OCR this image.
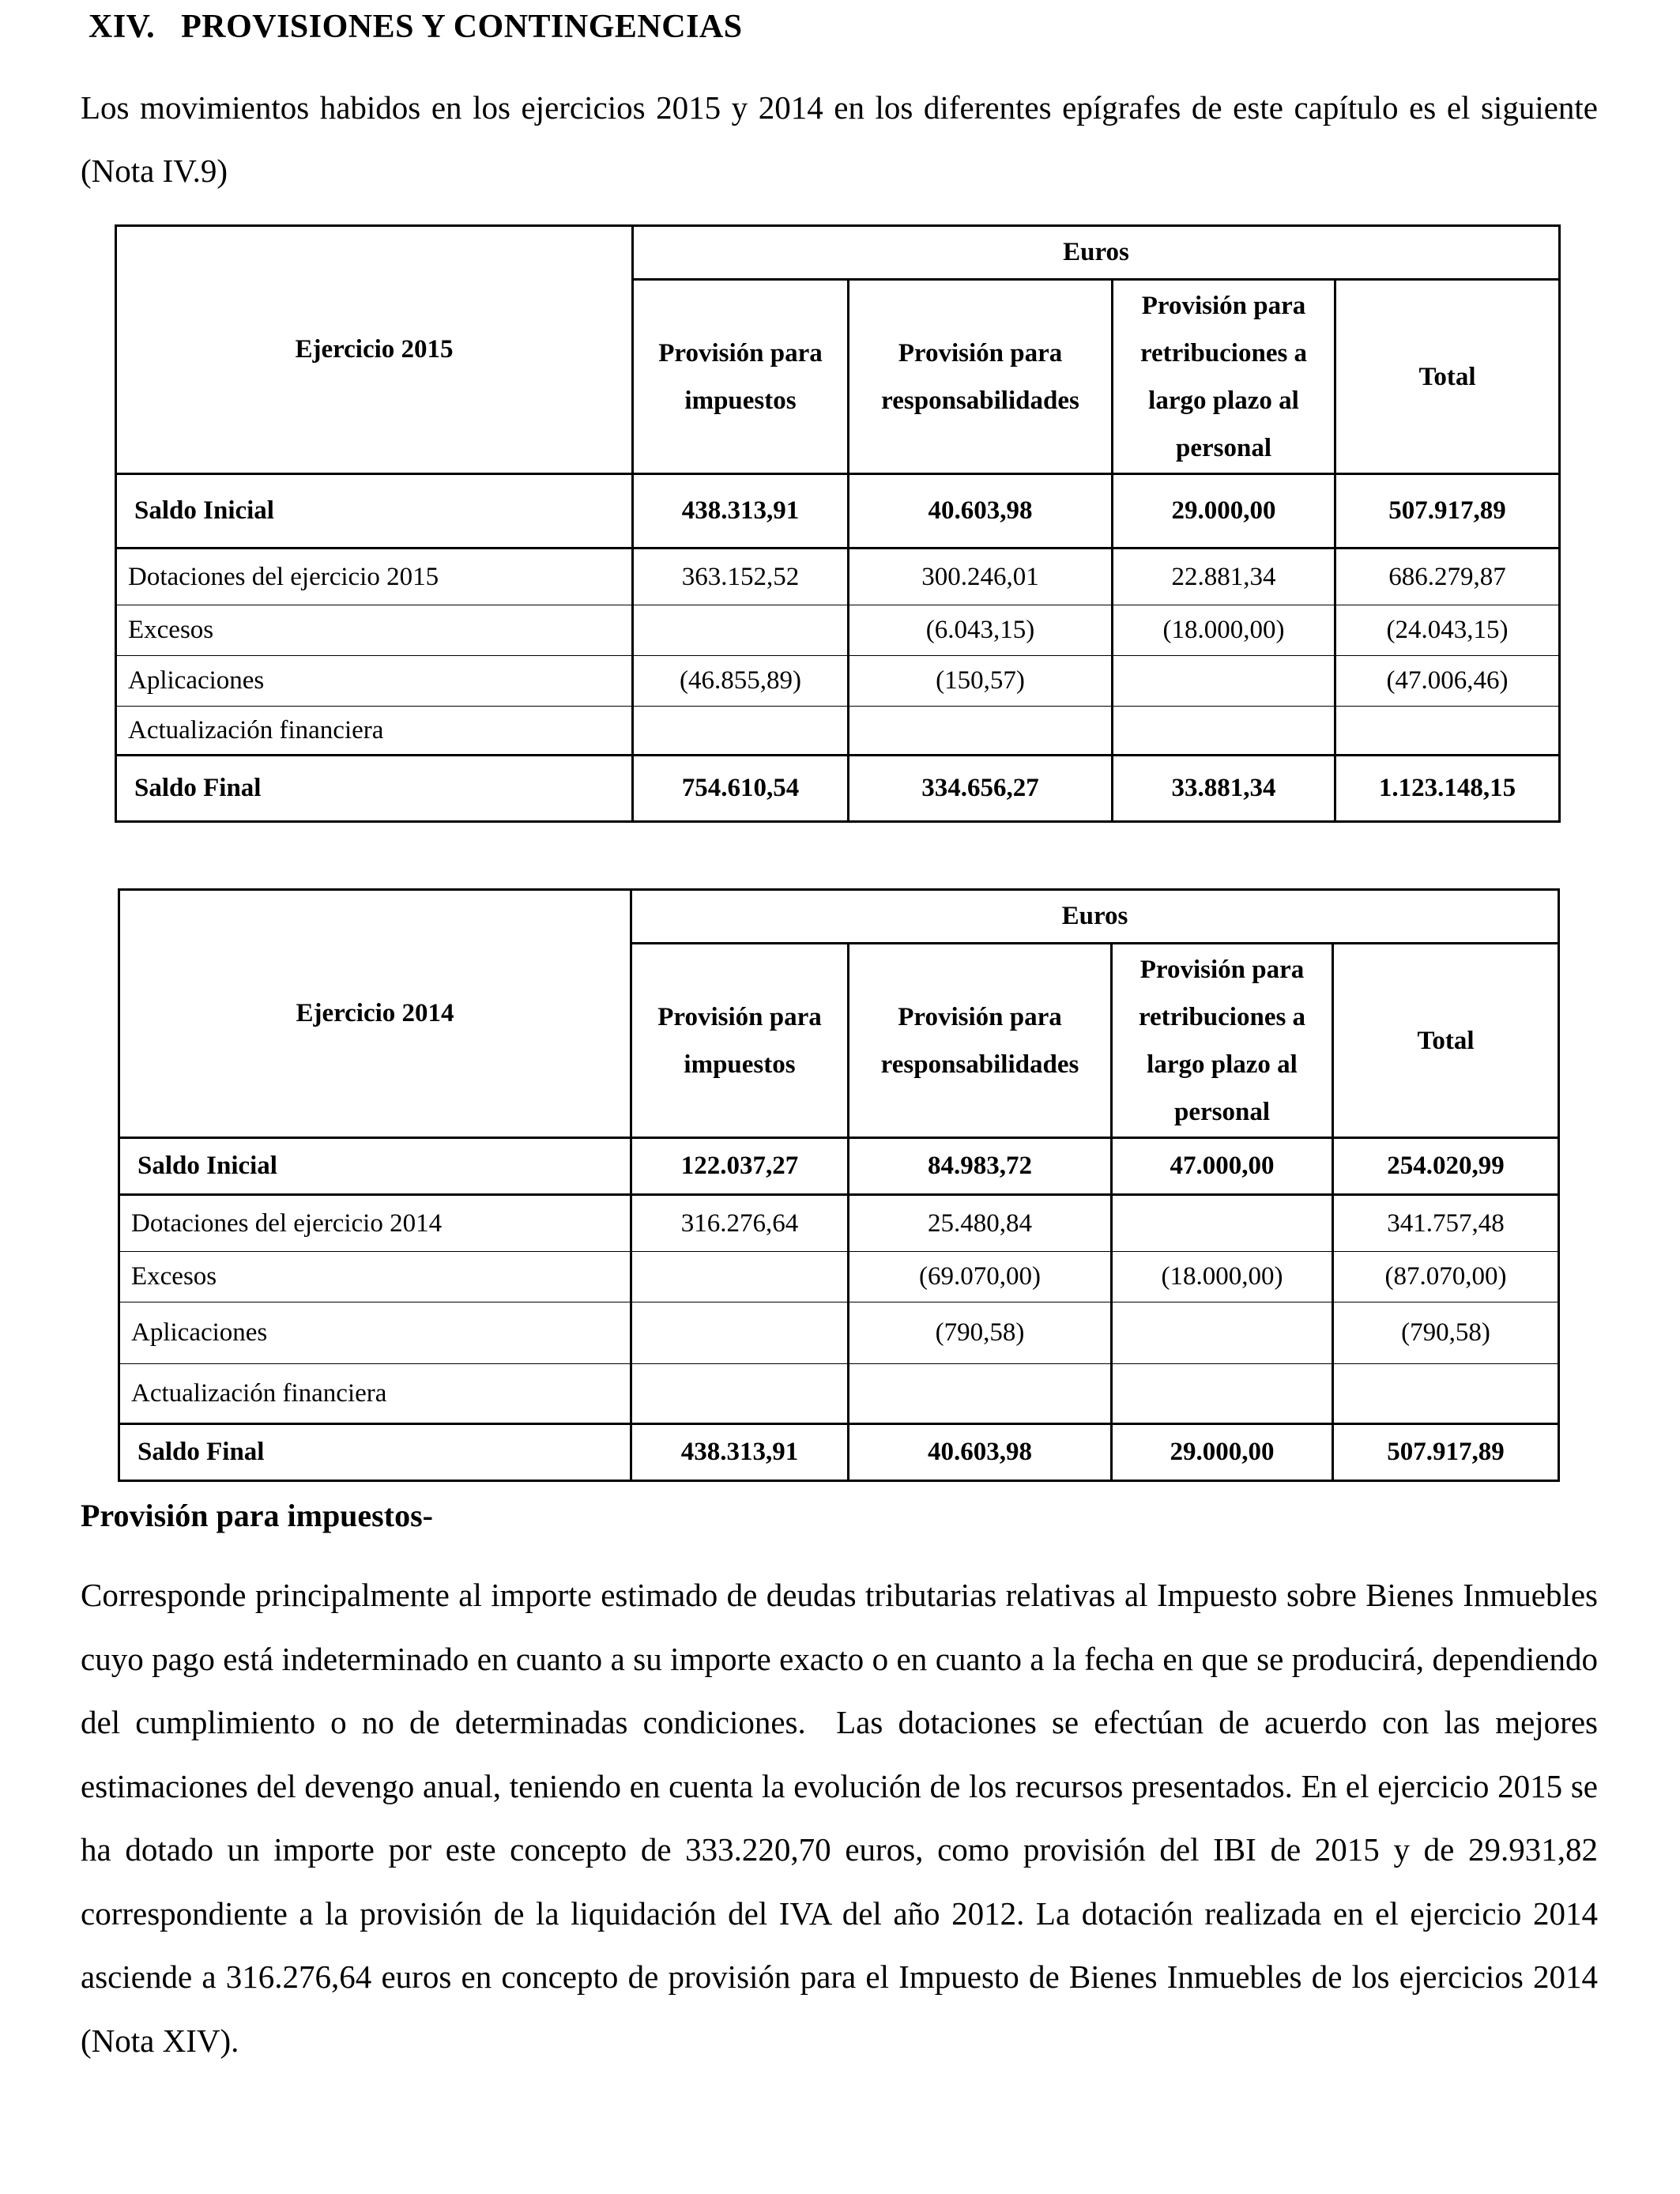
XIV.   PROVISIONES Y CONTINGENCIAS
Los movimientos habidos en los ejercicios 2015 y 2014 en los diferentes epígrafes de este capítulo es el siguiente (Nota IV.9)
Ejercicio 2015	Euros			
	Provisión para impuestos	Provisión para responsabilidades	Provisión para retribuciones a largo plazo al personal	Total
Saldo Inicial	438.313,91	40.603,98	29.000,00	507.917,89
Dotaciones del ejercicio 2015	363.152,52	300.246,01	22.881,34	686.279,87
Excesos		(6.043,15)	(18.000,00)	(24.043,15)
Aplicaciones	(46.855,89)	(150,57)		(47.006,46)
Actualización financiera				
Saldo Final	754.610,54	334.656,27	33.881,34	1.123.148,15
Ejercicio 2014	Euros			
	Provisión para impuestos	Provisión para responsabilidades	Provisión para retribuciones a largo plazo al personal	Total
Saldo Inicial	122.037,27	84.983,72	47.000,00	254.020,99
Dotaciones del ejercicio 2014	316.276,64	25.480,84		341.757,48
Excesos		(69.070,00)	(18.000,00)	(87.070,00)
Aplicaciones		(790,58)		(790,58)
Actualización financiera				
Saldo Final	438.313,91	40.603,98	29.000,00	507.917,89
Provisión para impuestos-
Corresponde principalmente al importe estimado de deudas tributarias relativas al Impuesto sobre Bienes Inmuebles cuyo pago está indeterminado en cuanto a su importe exacto o en cuanto a la fecha en que se producirá, dependiendo del cumplimiento o no de determinadas condiciones.  Las dotaciones se efectúan de acuerdo con las mejores estimaciones del devengo anual, teniendo en cuenta la evolución de los recursos presentados. En el ejercicio 2015 se ha dotado un importe por este concepto de 333.220,70 euros, como provisión del IBI de 2015 y de 29.931,82 correspondiente a la provisión de la liquidación del IVA del año 2012. La dotación realizada en el ejercicio 2014 asciende a 316.276,64 euros en concepto de provisión para el Impuesto de Bienes Inmuebles de los ejercicios 2014 (Nota XIV).
